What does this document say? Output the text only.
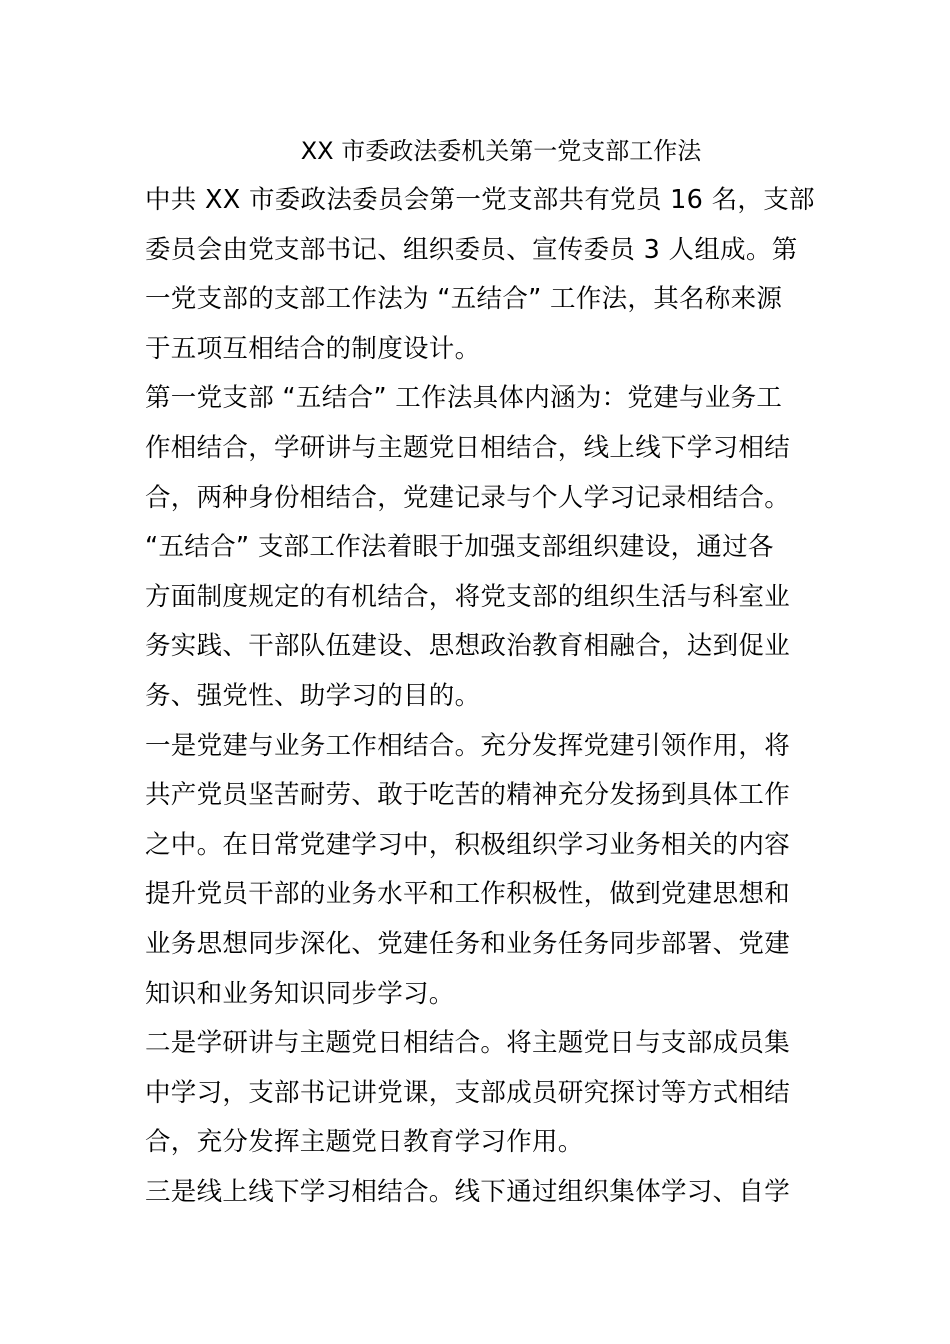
XX 市委政法委机关第一党支部工作法
中共 XX 市委政法委员会第一党支部共有党员 16 名，支部
委员会由党支部书记、组织委员、宣传委员 3 人组成。第
一党支部的支部工作法为 “五结合” 工作法，其名称来源
于五项互相结合的制度设计。
第一党支部 “五结合” 工作法具体内涵为：党建与业务工
作相结合，学研讲与主题党日相结合，线上线下学习相结
合，两种身份相结合，党建记录与个人学习记录相结合。
“五结合” 支部工作法着眼于加强支部组织建设，通过各
方面制度规定的有机结合，将党支部的组织生活与科室业
务实践、干部队伍建设、思想政治教育相融合，达到促业
务、强党性、助学习的目的。
一是党建与业务工作相结合。充分发挥党建引领作用，将
共产党员坚苦耐劳、敢于吃苦的精神充分发扬到具体工作
之中。在日常党建学习中，积极组织学习业务相关的内容
提升党员干部的业务水平和工作积极性，做到党建思想和
业务思想同步深化、党建任务和业务任务同步部署、党建
知识和业务知识同步学习。
二是学研讲与主题党日相结合。将主题党日与支部成员集
中学习，支部书记讲党课，支部成员研究探讨等方式相结
合，充分发挥主题党日教育学习作用。
三是线上线下学习相结合。线下通过组织集体学习、自学
